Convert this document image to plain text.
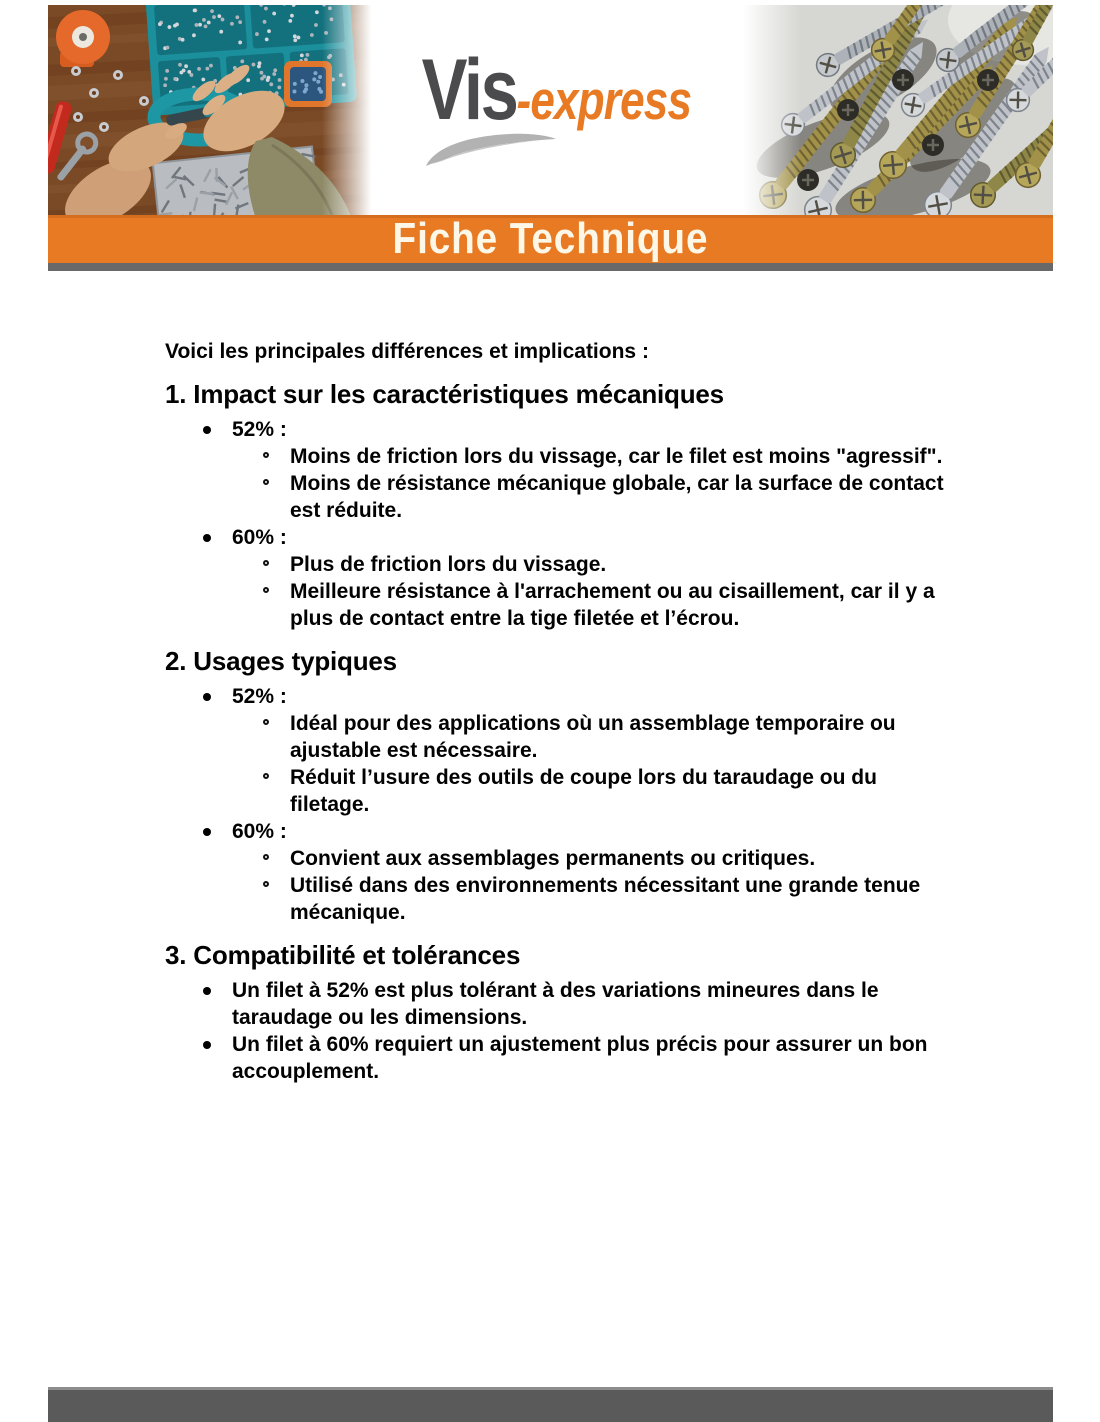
Vis-express
Fiche Technique

Voici les principales différences et implications :

1. Impact sur les caractéristiques mécaniques
52% :
Moins de friction lors du vissage, car le filet est moins "agressif".
Moins de résistance mécanique globale, car la surface de contact est réduite.
60% :
Plus de friction lors du vissage.
Meilleure résistance à l'arrachement ou au cisaillement, car il y a plus de contact entre la tige filetée et l’écrou.
2. Usages typiques
52% :
Idéal pour des applications où un assemblage temporaire ou ajustable est nécessaire.
Réduit l’usure des outils de coupe lors du taraudage ou du filetage.
60% :
Convient aux assemblages permanents ou critiques.
Utilisé dans des environnements nécessitant une grande tenue mécanique.
3. Compatibilité et tolérances
Un filet à 52% est plus tolérant à des variations mineures dans le taraudage ou les dimensions.
Un filet à 60% requiert un ajustement plus précis pour assurer un bon accouplement.
